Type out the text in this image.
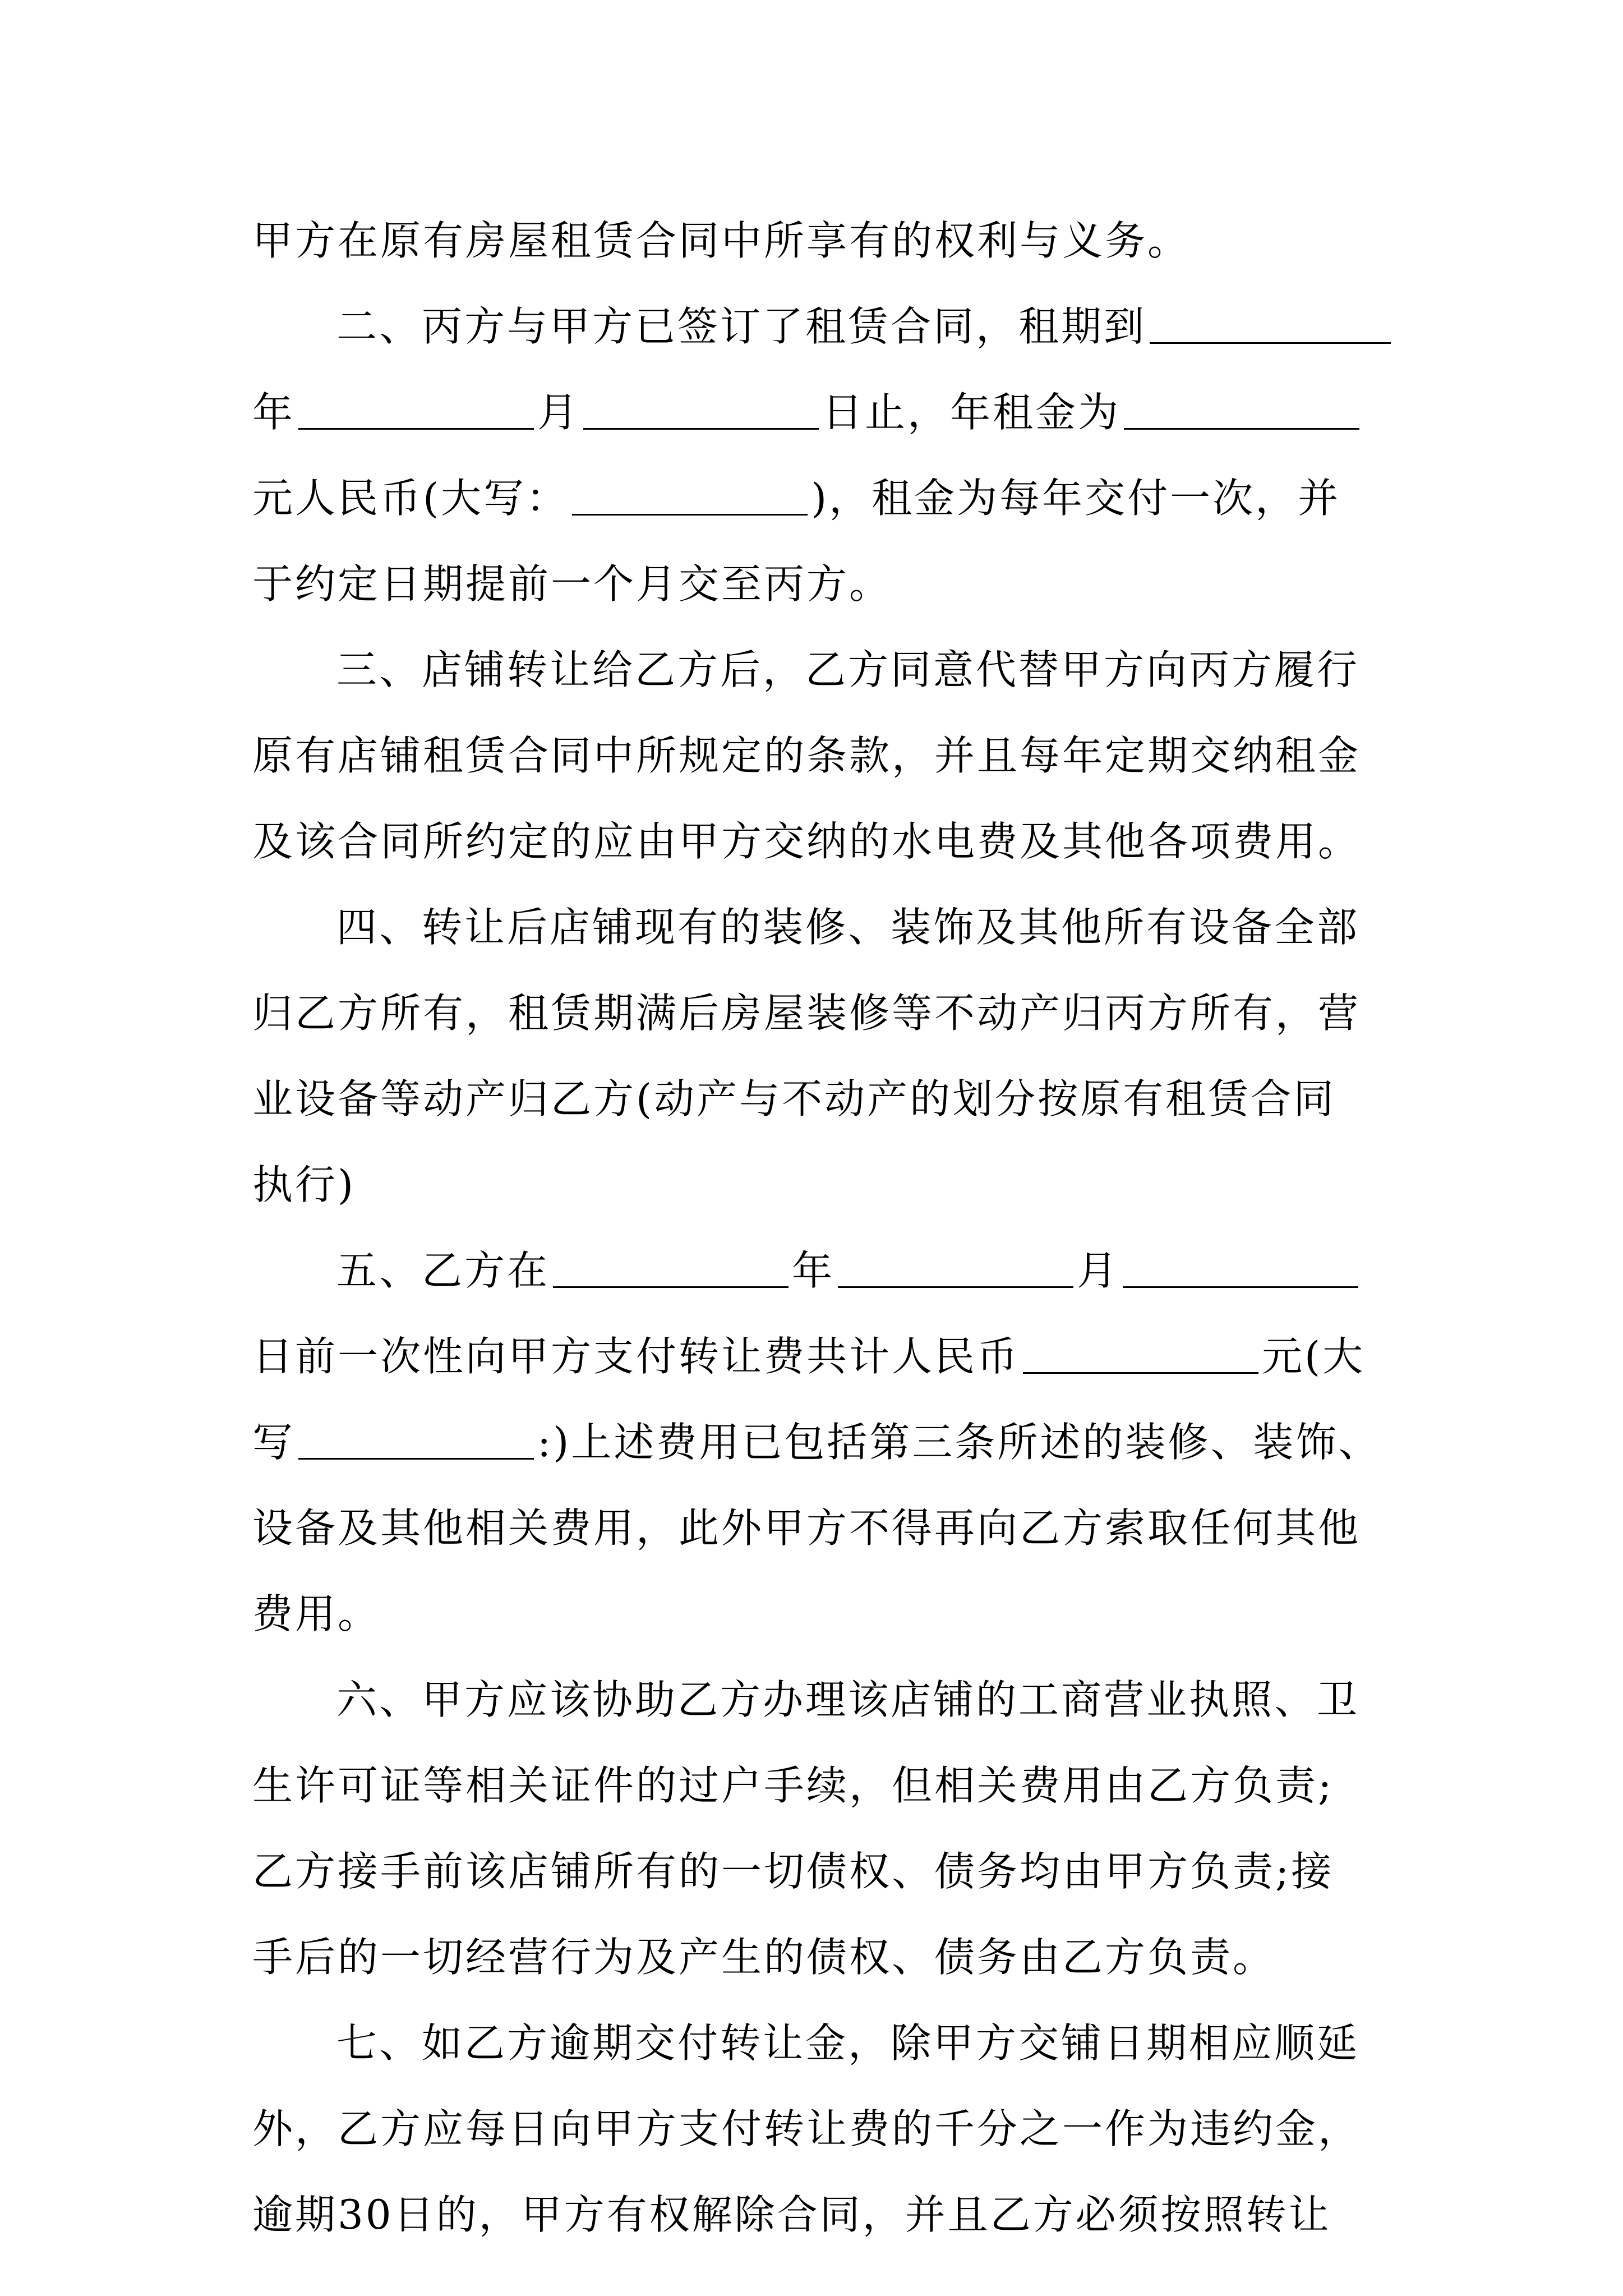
甲方在原有房屋租赁合同中所享有的权利与义务。
二、丙方与甲方已签订了租赁合同，租期到
年	月	日止，年租金为
元人民币(大写：	)，租金为每年交付一次，并
于约定日期提前一个月交至丙方。
三、店铺转让给乙方后，乙方同意代替甲方向丙方履行
原有店铺租赁合同中所规定的条款，并且每年定期交纳租金
及该合同所约定的应由甲方交纳的水电费及其他各项费用。
四、转让后店铺现有的装修、装饰及其他所有设备全部
归乙方所有，租赁期满后房屋装修等不动产归丙方所有，营
业设备等动产归乙方(动产与不动产的划分按原有租赁合同
执行)
五、乙方在	年	月
日前一次性向甲方支付转让费共计人民币	元(大
写	:)上述费用已包括第三条所述的装修、装饰、
设备及其他相关费用，此外甲方不得再向乙方索取任何其他
费用。
六、甲方应该协助乙方办理该店铺的工商营业执照、卫
生许可证等相关证件的过户手续，但相关费用由乙方负责;
乙方接手前该店铺所有的一切债权、债务均由甲方负责;接
手后的一切经营行为及产生的债权、债务由乙方负责。
七、如乙方逾期交付转让金，除甲方交铺日期相应顺延
外，乙方应每日向甲方支付转让费的千分之一作为违约金，
逾期30日的，甲方有权解除合同，并且乙方必须按照转让
